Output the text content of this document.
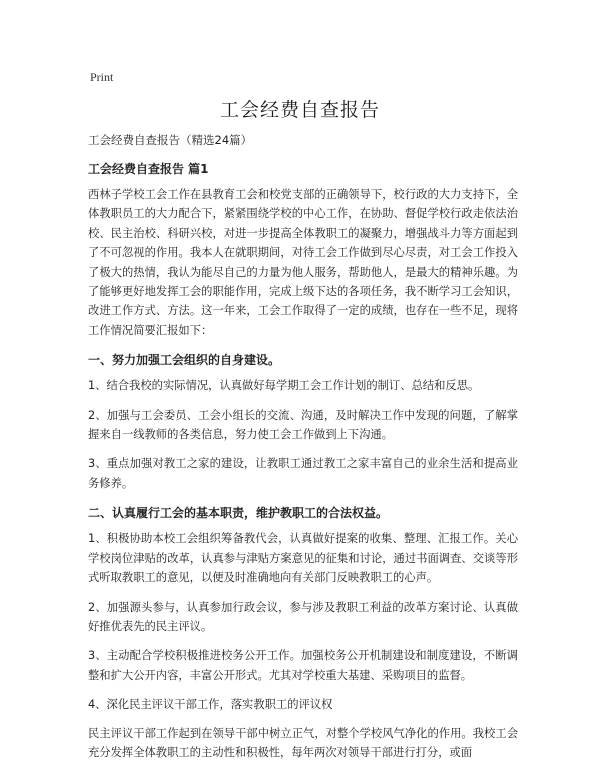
Print
工会经费自查报告

工会经费自查报告（精选24篇）

工会经费自查报告 篇1

西林子学校工会工作在县教育工会和校党支部的正确领导下，校行政的大力支持下，全体教职员工的大力配合下，紧紧围绕学校的中心工作，在协助、督促学校行政走依法治校、民主治校、科研兴校，对进一步提高全体教职工的凝聚力，增强战斗力等方面起到了不可忽视的作用。我本人在就职期间，对待工会工作做到尽心尽责，对工会工作投入了极大的热情，我认为能尽自己的力量为他人服务，帮助他人，是最大的精神乐趣。为了能够更好地发挥工会的职能作用，完成上级下达的各项任务，我不断学习工会知识，改进工作方式、方法。这一年来，工会工作取得了一定的成绩，也存在一些不足，现将工作情况简要汇报如下：

一、努力加强工会组织的自身建设。

1、结合我校的实际情况，认真做好每学期工会工作计划的制订、总结和反思。

2、加强与工会委员、工会小组长的交流、沟通，及时解决工作中发现的问题，了解掌握来自一线教师的各类信息，努力使工会工作做到上下沟通。

3、重点加强对教工之家的建设，让教职工通过教工之家丰富自己的业余生活和提高业务修养。

二、认真履行工会的基本职责，维护教职工的合法权益。

1、积极协助本校工会组织筹备教代会，认真做好提案的收集、整理、汇报工作。关心学校岗位津贴的改革，认真参与津贴方案意见的征集和讨论，通过书面调查、交谈等形式听取教职工的意见，以便及时准确地向有关部门反映教职工的心声。

2、加强源头参与，认真参加行政会议，参与涉及教职工利益的改革方案讨论、认真做好推优表先的民主评议。

3、主动配合学校积极推进校务公开工作。加强校务公开机制建设和制度建设，不断调整和扩大公开内容，丰富公开形式。尤其对学校重大基建、采购项目的监督。

4、深化民主评议干部工作，落实教职工的评议权

民主评议干部工作起到在领导干部中树立正气，对整个学校风气净化的作用。我校工会充分发挥全体教职工的主动性和积极性，每年两次对领导干部进行打分，或面
